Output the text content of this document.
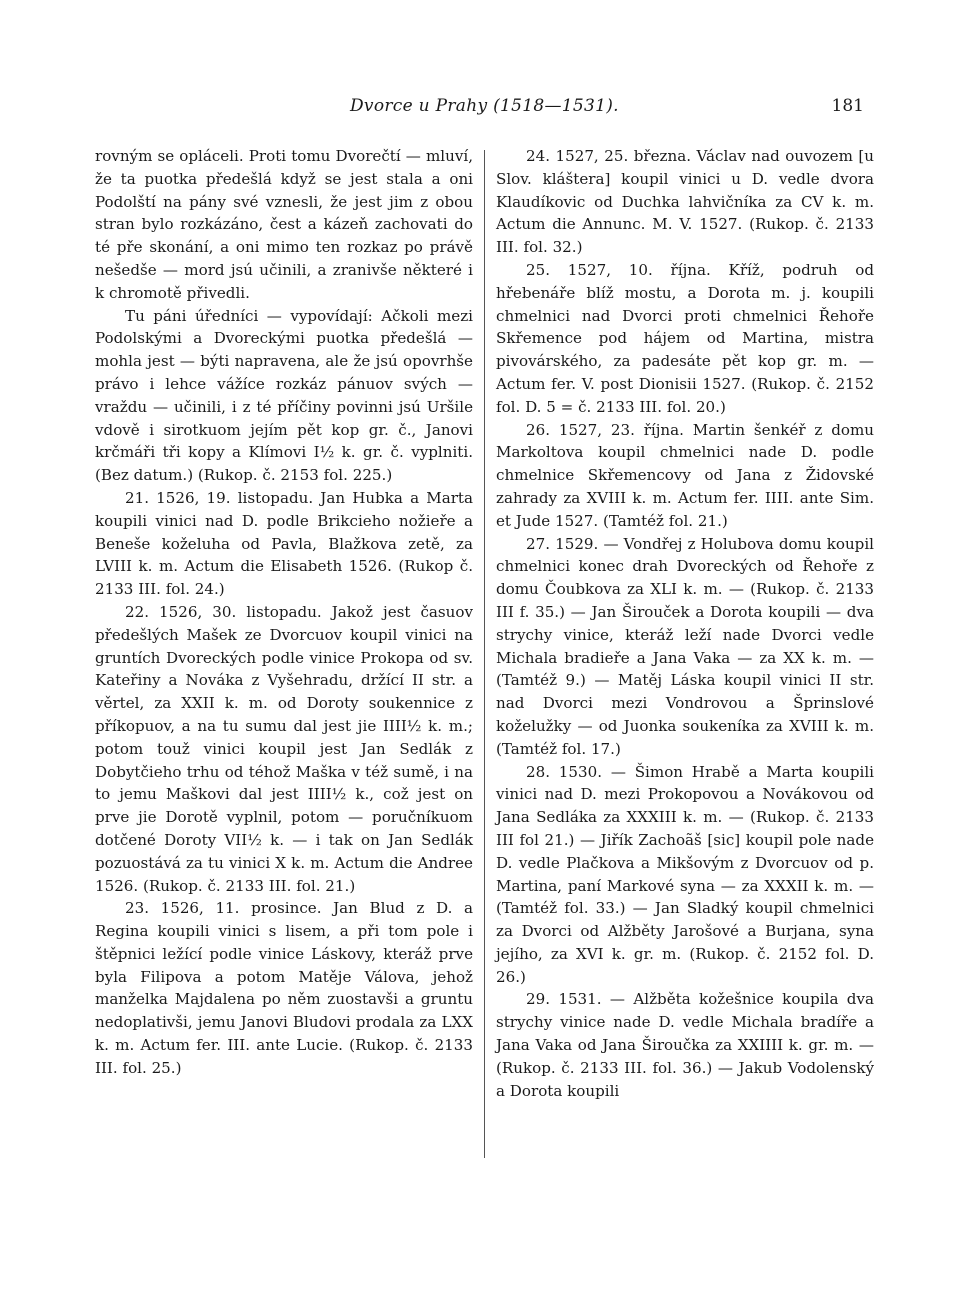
Dvorce u Prahy (1518—1531).	181

rovným se opláceli. Proti tomu Dvorečtí — mluví, že ta puotka předešlá když se jest stala a oni Podolští na pány své vznesli, že jest jim z obou stran bylo rozkázáno, čest a kázeň zachovati do té pře skonání, a oni mimo ten rozkaz po právě nešedše — mord jsú učinili, a zranivše některé i k chromotě přivedli.

Tu páni úředníci — vypovídají: Ačkoli mezi Podolskými a Dvoreckými puotka předešlá — mohla jest — býti napravena, ale že jsú opovrhše právo i lehce vážíce rozkáz pánuov svých — vraždu — učinili, i z té příčiny povinni jsú Uršile vdově i sirotkuom jejím pět kop gr. č., Janovi krčmáři tři kopy a Klímovi I½ k. gr. č. vyplniti. (Bez datum.) (Rukop. č. 2153 fol. 225.)

21. 1526, 19. listopadu. Jan Hubka a Marta koupili vinici nad D. podle Brikcieho nožieře a Beneše koželuha od Pavla, Blažkova zetě, za LVIII k. m. Actum die Elisabeth 1526. (Rukop č. 2133 III. fol. 24.)

22. 1526, 30. listopadu. Jakož jest časuov předešlých Mašek ze Dvorcuov koupil vinici na gruntích Dvoreckých podle vinice Prokopa od sv. Kateřiny a Nováka z Vyšehradu, držící II str. a věrtel, za XXII k. m. od Doroty soukennice z příkopuov, a na tu sumu dal jest jie IIII½ k. m.; potom touž vinici koupil jest Jan Sedlák z Dobytčieho trhu od téhož Maška v též sumě, i na to jemu Maškovi dal jest IIII½ k., což jest on prve jie Dorotě vyplnil, potom — poručníkuom dotčené Doroty VII½ k. — i tak on Jan Sedlák pozuostává za tu vinici X k. m. Actum die Andree 1526. (Rukop. č. 2133 III. fol. 21.)

23. 1526, 11. prosince. Jan Blud z D. a Regina koupili vinici s lisem, a při tom pole i štěpnici ležící podle vinice Láskovy, kteráž prve byla Filipova a potom Matěje Válova, jehož manželka Majdalena po něm zuostavši a gruntu nedoplativši, jemu Janovi Bludovi prodala za LXX k. m. Actum fer. III. ante Lucie. (Rukop. č. 2133 III. fol. 25.)

24. 1527, 25. března. Václav nad ouvozem [u Slov. kláštera] koupil vinici u D. vedle dvora Klaudíkovic od Duchka lahvičníka za CV k. m. Actum die Annunc. M. V. 1527. (Rukop. č. 2133 III. fol. 32.)

25. 1527, 10. října. Kříž, podruh od hřebenáře blíž mostu, a Dorota m. j. koupili chmelnici nad Dvorci proti chmelnici Řehoře Skřemence pod hájem od Martina, mistra pivovárského, za padesáte pět kop gr. m. — Actum fer. V. post Dionisii 1527. (Rukop. č. 2152 fol. D. 5 = č. 2133 III. fol. 20.)

26. 1527, 23. října. Martin šenkéř z domu Markoltova koupil chmelnici nade D. podle chmelnice Skřemencovy od Jana z Židovské zahrady za XVIII k. m. Actum fer. IIII. ante Sim. et Jude 1527. (Tamtéž fol. 21.)

27. 1529. — Vondřej z Holubova domu koupil chmelnici konec drah Dvoreckých od Řehoře z domu Čoubkova za XLI k. m. — (Rukop. č. 2133 III f. 35.) — Jan Širouček a Dorota koupili — dva strychy vinice, kteráž leží nade Dvorci vedle Michala bradieře a Jana Vaka — za XX k. m. — (Tamtéž 9.) — Matěj Láska koupil vinici II str. nad Dvorci mezi Vondrovou a Šprinslové koželužky — od Juonka soukeníka za XVIII k. m. (Tamtéž fol. 17.)

28. 1530. — Šimon Hrabě a Marta koupili vinici nad D. mezi Prokopovou a Novákovou od Jana Sedláka za XXXIII k. m. — (Rukop. č. 2133 III fol 21.) — Jiřík Zachoãš [sic] koupil pole nade D. vedle Plačkova a Mikšovým z Dvorcuov od p. Martina, paní Markové syna — za XXXII k. m. — (Tamtéž fol. 33.) — Jan Sladký koupil chmelnici za Dvorci od Alžběty Jarošové a Burjana, syna jejího, za XVI k. gr. m. (Rukop. č. 2152 fol. D. 26.)

29. 1531. — Alžběta kožešnice koupila dva strychy vinice nade D. vedle Michala bradíře a Jana Vaka od Jana Široučka za XXIIII k. gr. m. — (Rukop. č. 2133 III. fol. 36.) — Jakub Vodolenský a Dorota koupili
